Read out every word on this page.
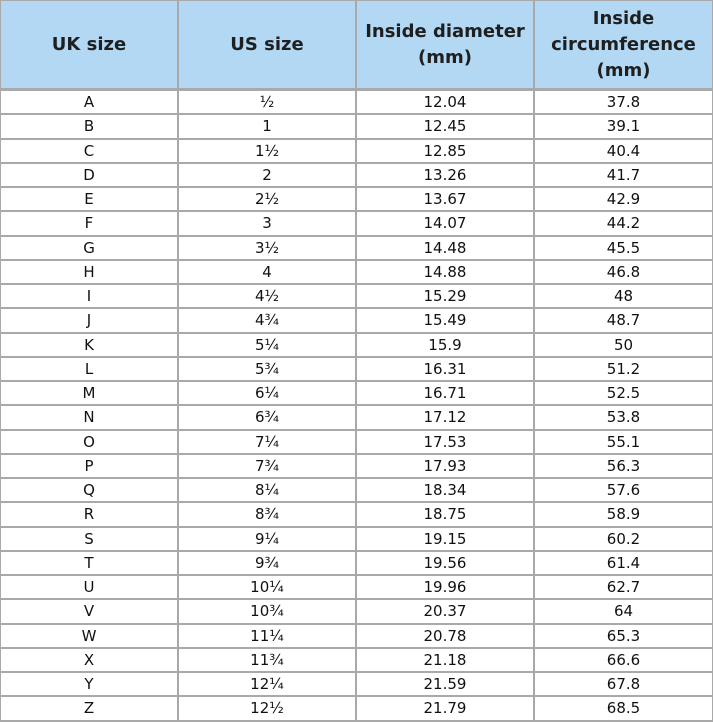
UK size	US size	Inside diameter (mm)	Inside circumference (mm)
A	½	12.04	37.8
B	1	12.45	39.1
C	1½	12.85	40.4
D	2	13.26	41.7
E	2½	13.67	42.9
F	3	14.07	44.2
G	3½	14.48	45.5
H	4	14.88	46.8
I	4½	15.29	48
J	4¾	15.49	48.7
K	5¼	15.9	50
L	5¾	16.31	51.2
M	6¼	16.71	52.5
N	6¾	17.12	53.8
O	7¼	17.53	55.1
P	7¾	17.93	56.3
Q	8¼	18.34	57.6
R	8¾	18.75	58.9
S	9¼	19.15	60.2
T	9¾	19.56	61.4
U	10¼	19.96	62.7
V	10¾	20.37	64
W	11¼	20.78	65.3
X	11¾	21.18	66.6
Y	12¼	21.59	67.8
Z	12½	21.79	68.5
